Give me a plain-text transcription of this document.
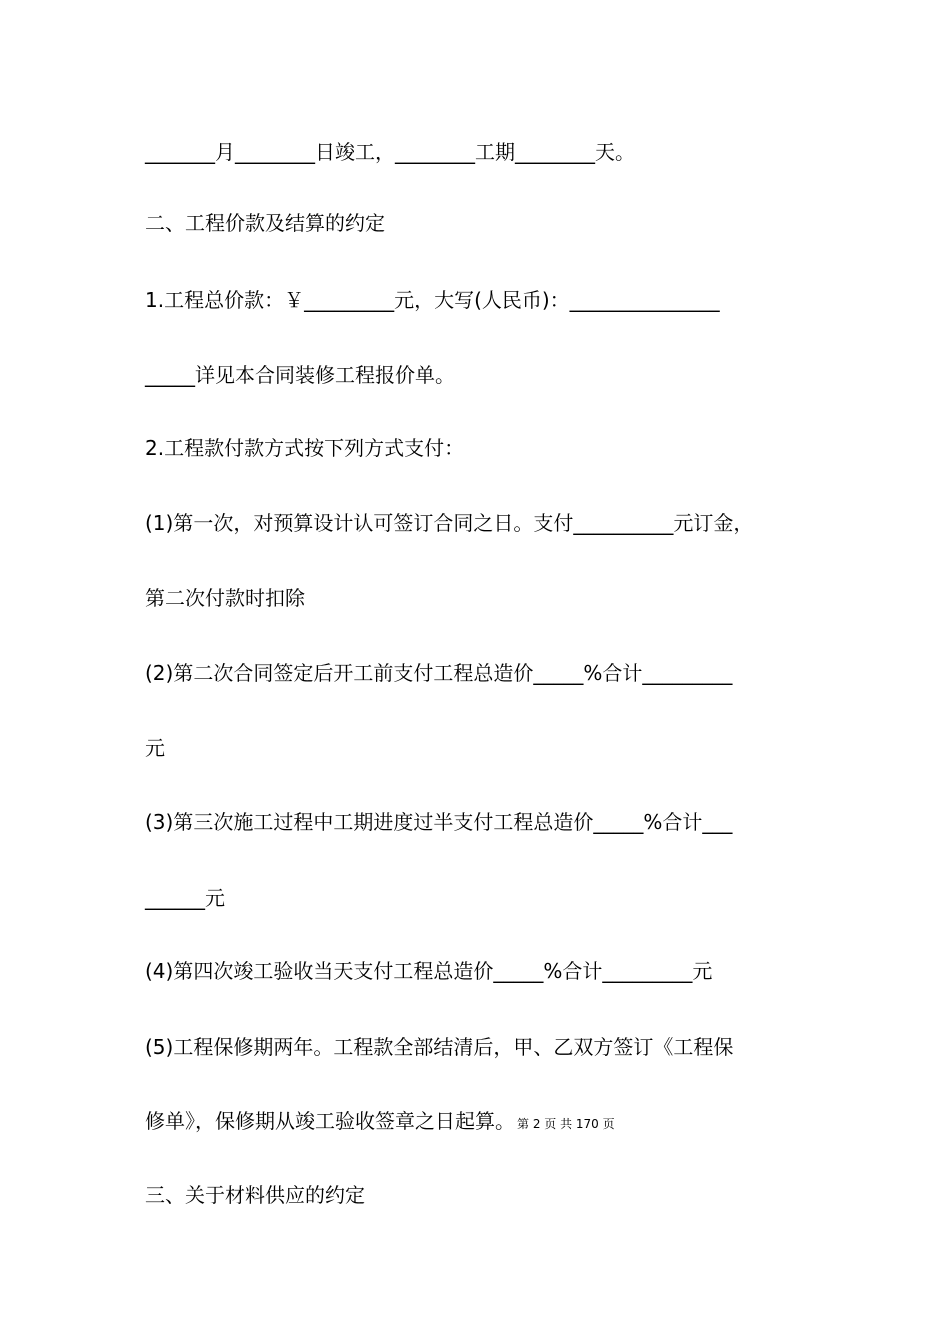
_______月________日竣工，________工期________天。
二、工程价款及结算的约定
1.工程总价款：￥_________元，大写(人民币)：_______________
_____详见本合同装修工程报价单。
2.工程款付款方式按下列方式支付：
(1)第一次，对预算设计认可签订合同之日。支付__________元订金，
第二次付款时扣除
(2)第二次合同签定后开工前支付工程总造价_____%合计_________
元
(3)第三次施工过程中工期进度过半支付工程总造价_____%合计___
______元
(4)第四次竣工验收当天支付工程总造价_____%合计_________元
(5)工程保修期两年。工程款全部结清后，甲、乙双方签订《工程保
修单》，保修期从竣工验收签章之日起算。 第 2 页 共 170 页
三、关于材料供应的约定
